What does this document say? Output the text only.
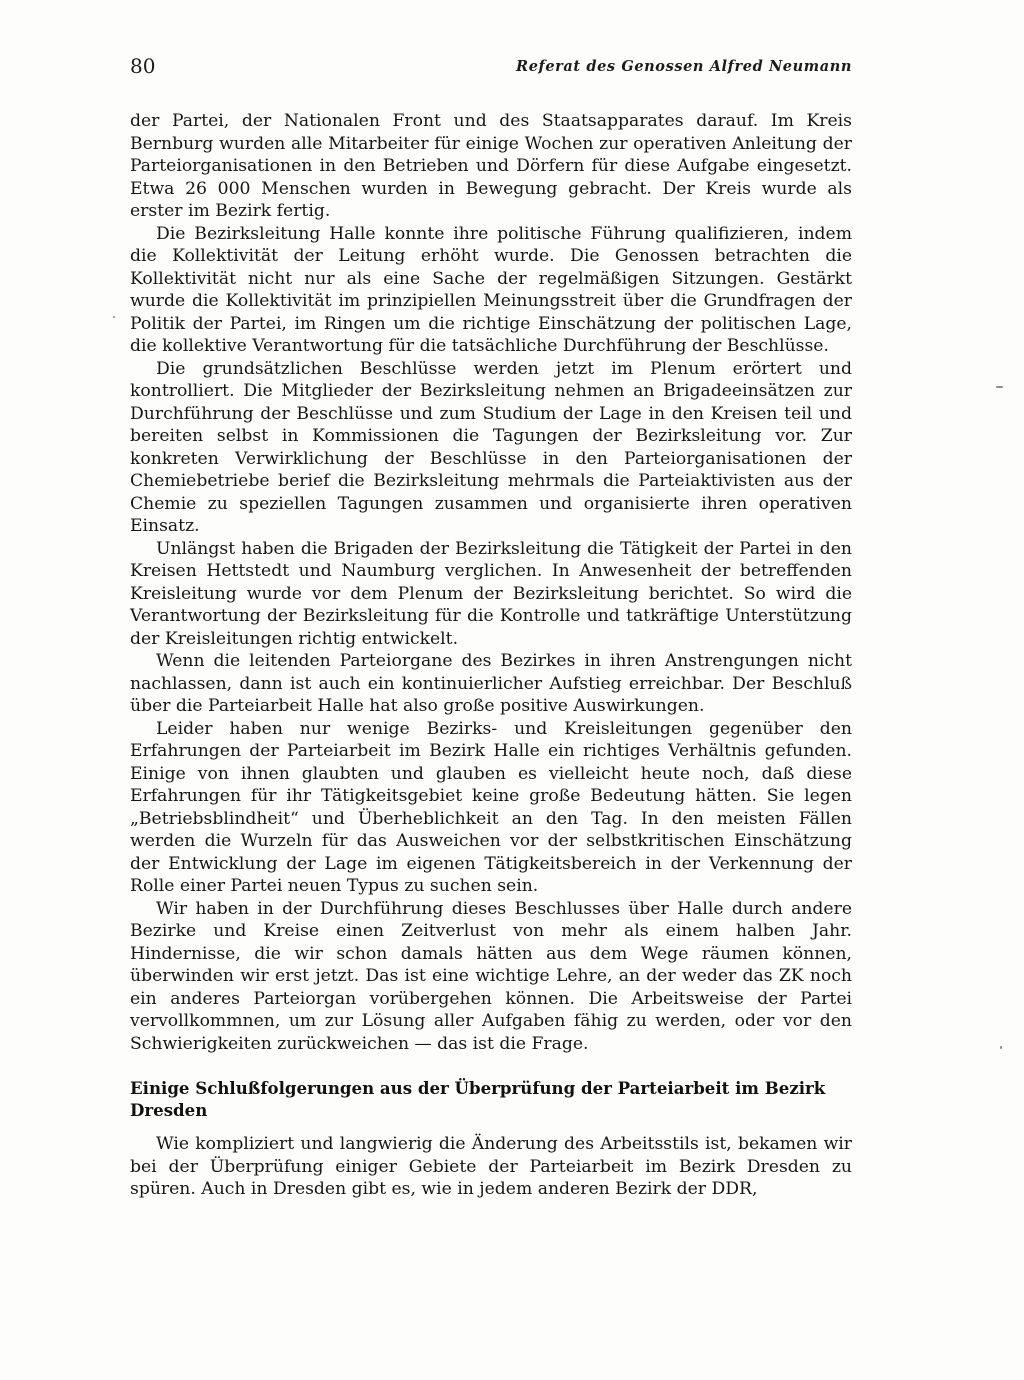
80	Referat des Genossen Alfred Neumann

der Partei, der Nationalen Front und des Staatsapparates darauf. Im Kreis Bernburg wurden alle Mitarbeiter für einige Wochen zur operativen Anleitung der Parteiorganisationen in den Betrieben und Dörfern für diese Aufgabe eingesetzt. Etwa 26 000 Menschen wurden in Bewegung gebracht. Der Kreis wurde als erster im Bezirk fertig.

Die Bezirksleitung Halle konnte ihre politische Führung qualifizieren, indem die Kollektivität der Leitung erhöht wurde. Die Genossen betrachten die Kollektivität nicht nur als eine Sache der regelmäßigen Sitzungen. Gestärkt wurde die Kollektivität im prinzipiellen Meinungsstreit über die Grundfragen der Politik der Partei, im Ringen um die richtige Einschätzung der politischen Lage, die kollektive Verantwortung für die tatsächliche Durchführung der Beschlüsse.

Die grundsätzlichen Beschlüsse werden jetzt im Plenum erörtert und kontrolliert. Die Mitglieder der Bezirksleitung nehmen an Brigadeeinsätzen zur Durchführung der Beschlüsse und zum Studium der Lage in den Kreisen teil und bereiten selbst in Kommissionen die Tagungen der Bezirksleitung vor. Zur konkreten Verwirklichung der Beschlüsse in den Parteiorganisationen der Chemiebetriebe berief die Bezirksleitung mehrmals die Parteiaktivisten aus der Chemie zu speziellen Tagungen zusammen und organisierte ihren operativen Einsatz.

Unlängst haben die Brigaden der Bezirksleitung die Tätigkeit der Partei in den Kreisen Hettstedt und Naumburg verglichen. In Anwesenheit der betreffenden Kreisleitung wurde vor dem Plenum der Bezirksleitung berichtet. So wird die Verantwortung der Bezirksleitung für die Kontrolle und tatkräftige Unterstützung der Kreisleitungen richtig entwickelt.

Wenn die leitenden Parteiorgane des Bezirkes in ihren Anstrengungen nicht nachlassen, dann ist auch ein kontinuierlicher Aufstieg erreichbar. Der Beschluß über die Parteiarbeit Halle hat also große positive Auswirkungen.

Leider haben nur wenige Bezirks- und Kreisleitungen gegenüber den Erfahrungen der Parteiarbeit im Bezirk Halle ein richtiges Verhältnis gefunden. Einige von ihnen glaubten und glauben es vielleicht heute noch, daß diese Erfahrungen für ihr Tätigkeitsgebiet keine große Bedeutung hätten. Sie legen „Betriebsblindheit“ und Überheblichkeit an den Tag. In den meisten Fällen werden die Wurzeln für das Ausweichen vor der selbstkritischen Einschätzung der Entwicklung der Lage im eigenen Tätigkeitsbereich in der Verkennung der Rolle einer Partei neuen Typus zu suchen sein.

Wir haben in der Durchführung dieses Beschlusses über Halle durch andere Bezirke und Kreise einen Zeitverlust von mehr als einem halben Jahr. Hindernisse, die wir schon damals hätten aus dem Wege räumen können, überwinden wir erst jetzt. Das ist eine wichtige Lehre, an der weder das ZK noch ein anderes Parteiorgan vorübergehen können. Die Arbeitsweise der Partei vervollkommnen, um zur Lösung aller Aufgaben fähig zu werden, oder vor den Schwierigkeiten zurückweichen — das ist die Frage.

Einige Schlußfolgerungen aus der Überprüfung der Parteiarbeit im Bezirk Dresden

Wie kompliziert und langwierig die Änderung des Arbeitsstils ist, bekamen wir bei der Überprüfung einiger Gebiete der Parteiarbeit im Bezirk Dresden zu spüren. Auch in Dresden gibt es, wie in jedem anderen Bezirk der DDR,
